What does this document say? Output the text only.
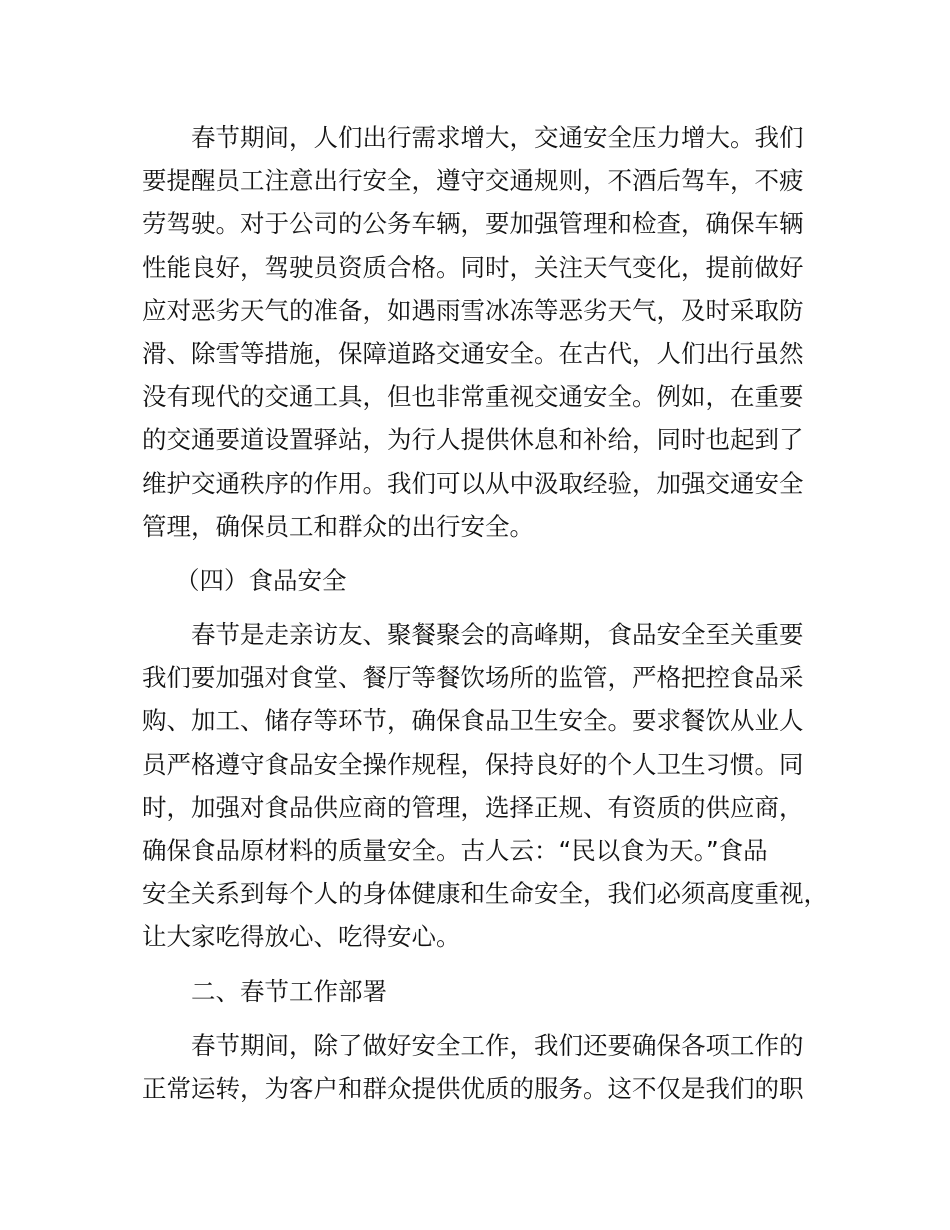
春节期间，人们出行需求增大，交通安全压力增大。我们
要提醒员工注意出行安全，遵守交通规则，不酒后驾车，不疲
劳驾驶。对于公司的公务车辆，要加强管理和检查，确保车辆
性能良好，驾驶员资质合格。同时，关注天气变化，提前做好
应对恶劣天气的准备，如遇雨雪冰冻等恶劣天气，及时采取防
滑、除雪等措施，保障道路交通安全。在古代，人们出行虽然
没有现代的交通工具，但也非常重视交通安全。例如，在重要
的交通要道设置驿站，为行人提供休息和补给，同时也起到了
维护交通秩序的作用。我们可以从中汲取经验，加强交通安全
管理，确保员工和群众的出行安全。
（四）食品安全
春节是走亲访友、聚餐聚会的高峰期，食品安全至关重要
我们要加强对食堂、餐厅等餐饮场所的监管，严格把控食品采
购、加工、储存等环节，确保食品卫生安全。要求餐饮从业人
员严格遵守食品安全操作规程，保持良好的个人卫生习惯。同
时，加强对食品供应商的管理，选择正规、有资质的供应商，
确保食品原材料的质量安全。古人云：“民以食为天。”食品
安全关系到每个人的身体健康和生命安全，我们必须高度重视，
让大家吃得放心、吃得安心。
二、春节工作部署
春节期间，除了做好安全工作，我们还要确保各项工作的
正常运转，为客户和群众提供优质的服务。这不仅是我们的职
